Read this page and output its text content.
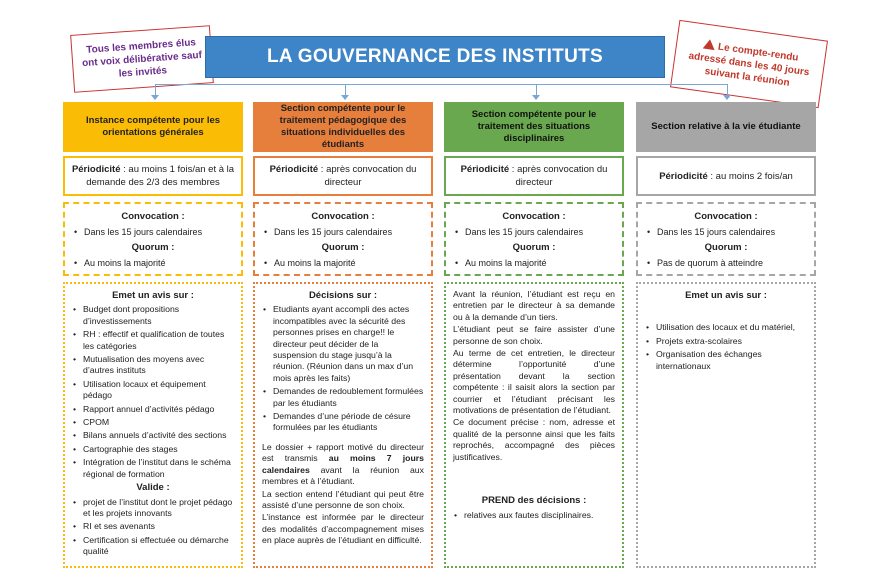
Tous les membres élus ont voix délibérative sauf les invités
LA GOUVERNANCE DES INSTITUTS	Le compte-rendu adressé dans les 40 jours suivant la réunion
Instance compétente pour les orientations générales
Périodicité : au moins 1 fois/an et à la demande des 2/3 des membres
Convocation :
• Dans les 15 jours calendaires
Quorum :
• Au moins la majorité
Emet un avis sur :
• Budget dont propositions d’investissements
• RH : effectif et qualification de toutes les catégories
• Mutualisation des moyens avec d’autres instituts
• Utilisation locaux et équipement pédago
• Rapport annuel d’activités pédago
• CPOM
• Bilans annuels d’activité des sections
• Cartographie des stages
• Intégration de l’institut dans le schéma régional de formation
Valide :
• projet de l’institut dont le projet pédago et les projets innovants
• RI et ses avenants
• Certification si effectuée ou démarche qualité
Section compétente pour le traitement pédagogique des situations individuelles des étudiants
Périodicité : après convocation du directeur
Convocation :
• Dans les 15 jours calendaires
Quorum :
• Au moins la majorité
Décisions sur :
• Etudiants ayant accompli des actes incompatibles avec la sécurité des personnes prises en charge!! le directeur peut décider de la suspension du stage jusqu’à la réunion. (Réunion dans un max d’un mois après les faits)
• Demandes de redoublement formulées par les étudiants
• Demandes d’une période de césure formulées par les étudiants

Le dossier + rapport motivé du directeur est transmis au moins 7 jours calendaires avant la réunion aux membres et à l’étudiant.

La section entend l’étudiant qui peut être assisté d’une personne de son choix.

L’instance est informée par le directeur des modalités d’accompagnement mises en place auprès de l’étudiant en difficulté.

Section compétente pour le traitement des situations disciplinaires
Périodicité : après convocation du directeur
Convocation :
• Dans les 15 jours calendaires
Quorum :
• Au moins la majorité

Avant la réunion, l’étudiant est reçu en entretien par le directeur à sa demande ou à la demande d’un tiers.

L’étudiant peut se faire assister d’une personne de son choix.

Au terme de cet entretien, le directeur détermine l’opportunité d’une présentation devant la section compétente : il saisit alors la section par courrier et l’étudiant précisant les motivations de présentation de l’étudiant.

Ce document précise : nom, adresse et qualité de la personne ainsi que les faits reprochés, accompagné des pièces justificatives.

PREND des décisions :
• relatives aux fautes disciplinaires.
Section relative à la vie étudiante
Périodicité : au moins 2 fois/an
Convocation :
• Dans les 15 jours calendaires
Quorum :
• Pas de quorum à atteindre
Emet un avis sur :
• Utilisation des locaux et du matériel,
• Projets extra-scolaires
• Organisation des échanges internationaux
